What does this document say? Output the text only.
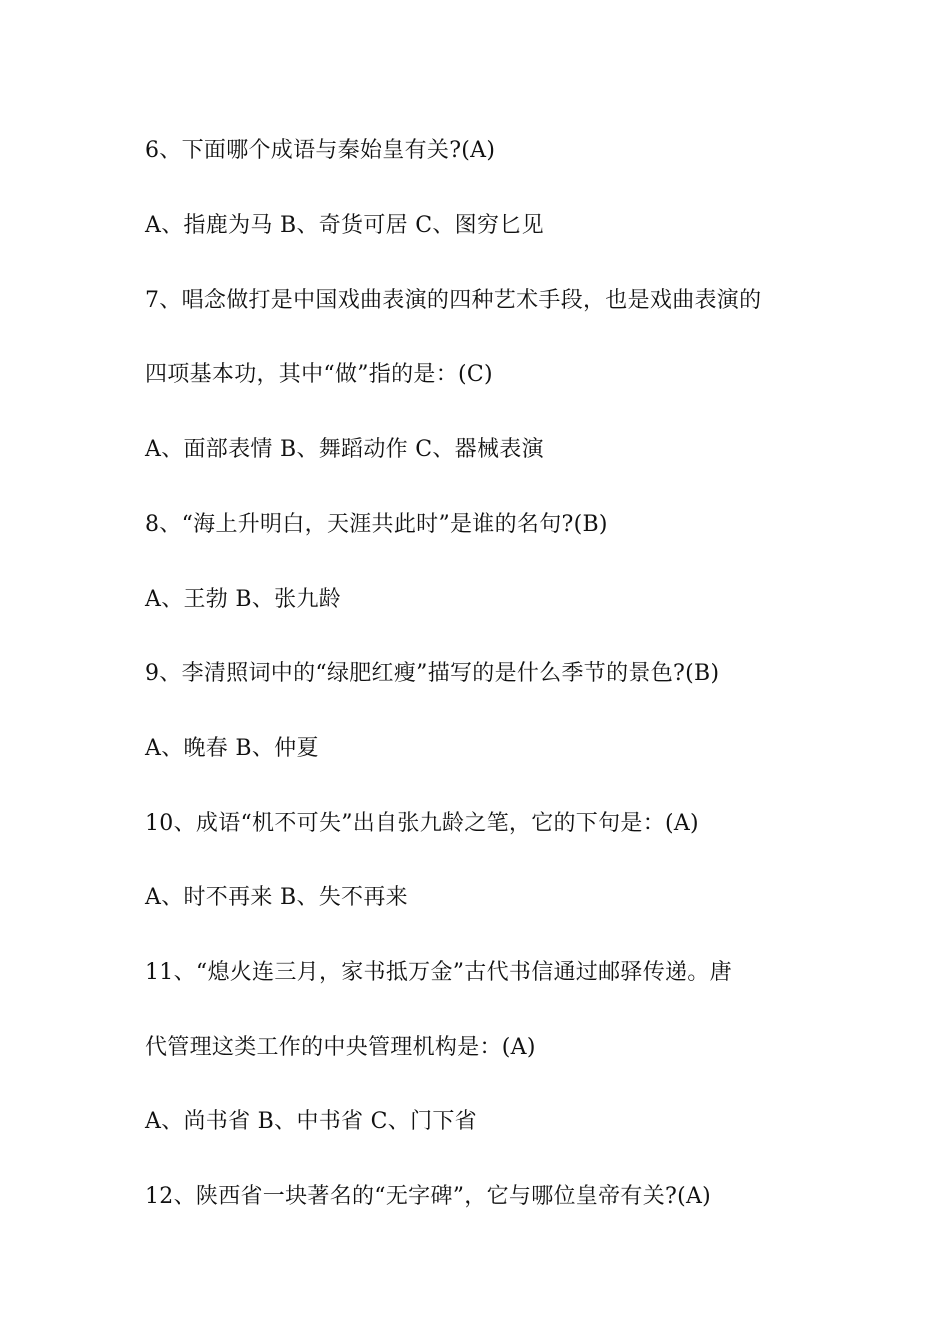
6、下面哪个成语与秦始皇有关?(A)
A、指鹿为马 B、奇货可居 C、图穷匕见
7、唱念做打是中国戏曲表演的四种艺术手段，也是戏曲表演的
四项基本功，其中“做”指的是：(C)
A、面部表情 B、舞蹈动作 C、器械表演
8、“海上升明白，天涯共此时”是谁的名句?(B)
A、王勃 B、张九龄
9、李清照词中的“绿肥红瘦”描写的是什么季节的景色?(B)
A、晚春 B、仲夏
10、成语“机不可失”出自张九龄之笔，它的下句是：(A)
A、时不再来 B、失不再来
11、“熄火连三月，家书抵万金”古代书信通过邮驿传递。唐
代管理这类工作的中央管理机构是：(A)
A、尚书省 B、中书省 C、门下省
12、陕西省一块著名的“无字碑”，它与哪位皇帝有关?(A)
